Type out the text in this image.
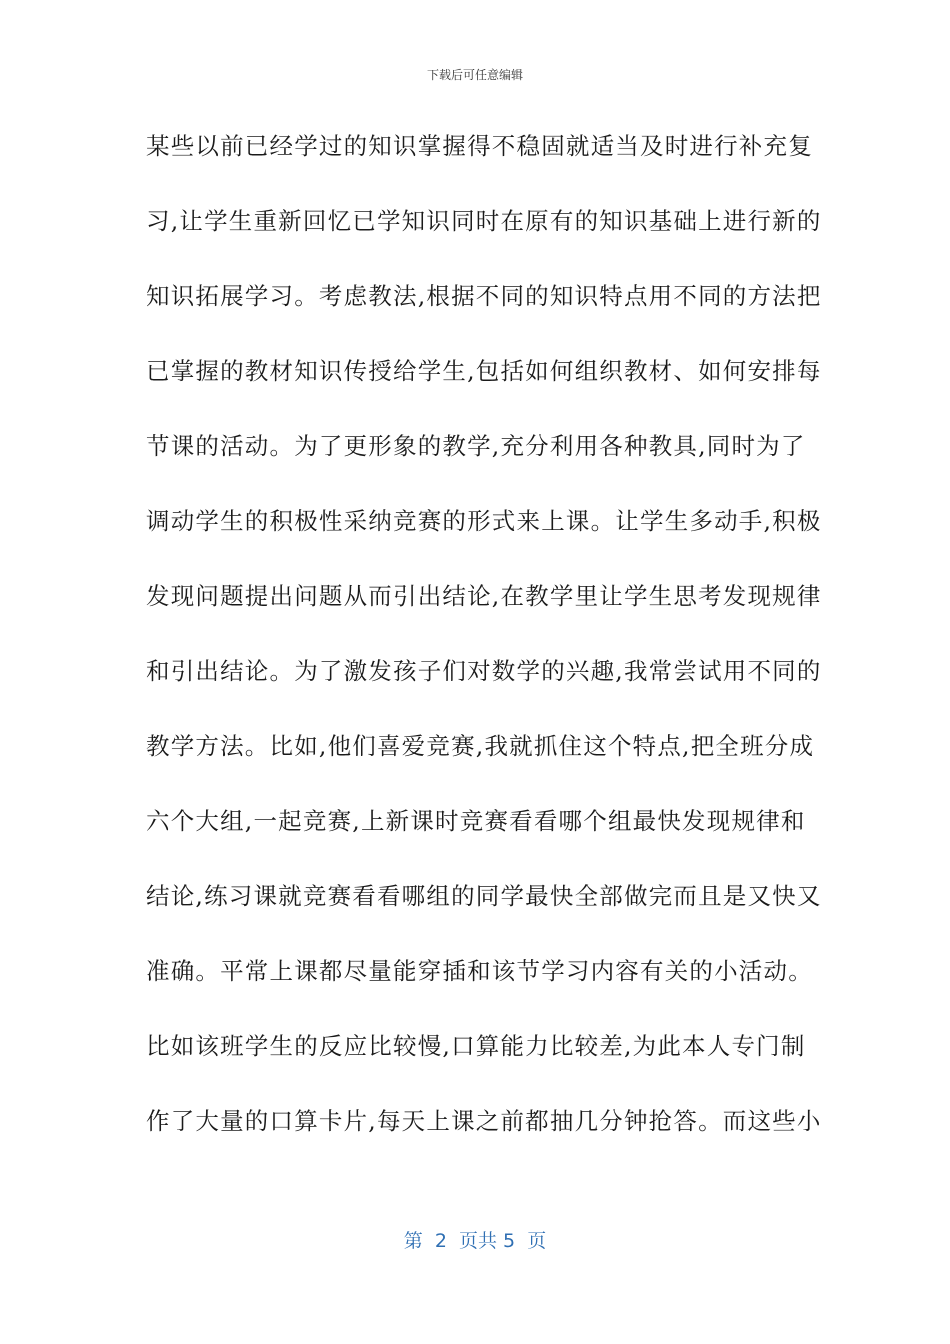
下载后可任意编辑
某些以前已经学过的知识掌握得不稳固就适当及时进行补充复
习,让学生重新回忆已学知识同时在原有的知识基础上进行新的
知识拓展学习。考虑教法,根据不同的知识特点用不同的方法把
已掌握的教材知识传授给学生,包括如何组织教材、如何安排每
节课的活动。为了更形象的教学,充分利用各种教具,同时为了
调动学生的积极性采纳竞赛的形式来上课。让学生多动手,积极
发现问题提出问题从而引出结论,在教学里让学生思考发现规律
和引出结论。为了激发孩子们对数学的兴趣,我常尝试用不同的
教学方法。比如,他们喜爱竞赛,我就抓住这个特点,把全班分成
六个大组,一起竞赛,上新课时竞赛看看哪个组最快发现规律和
结论,练习课就竞赛看看哪组的同学最快全部做完而且是又快又
准确。平常上课都尽量能穿插和该节学习内容有关的小活动。
比如该班学生的反应比较慢,口算能力比较差,为此本人专门制
作了大量的口算卡片,每天上课之前都抽几分钟抢答。而这些小
第  2  页共 5  页
